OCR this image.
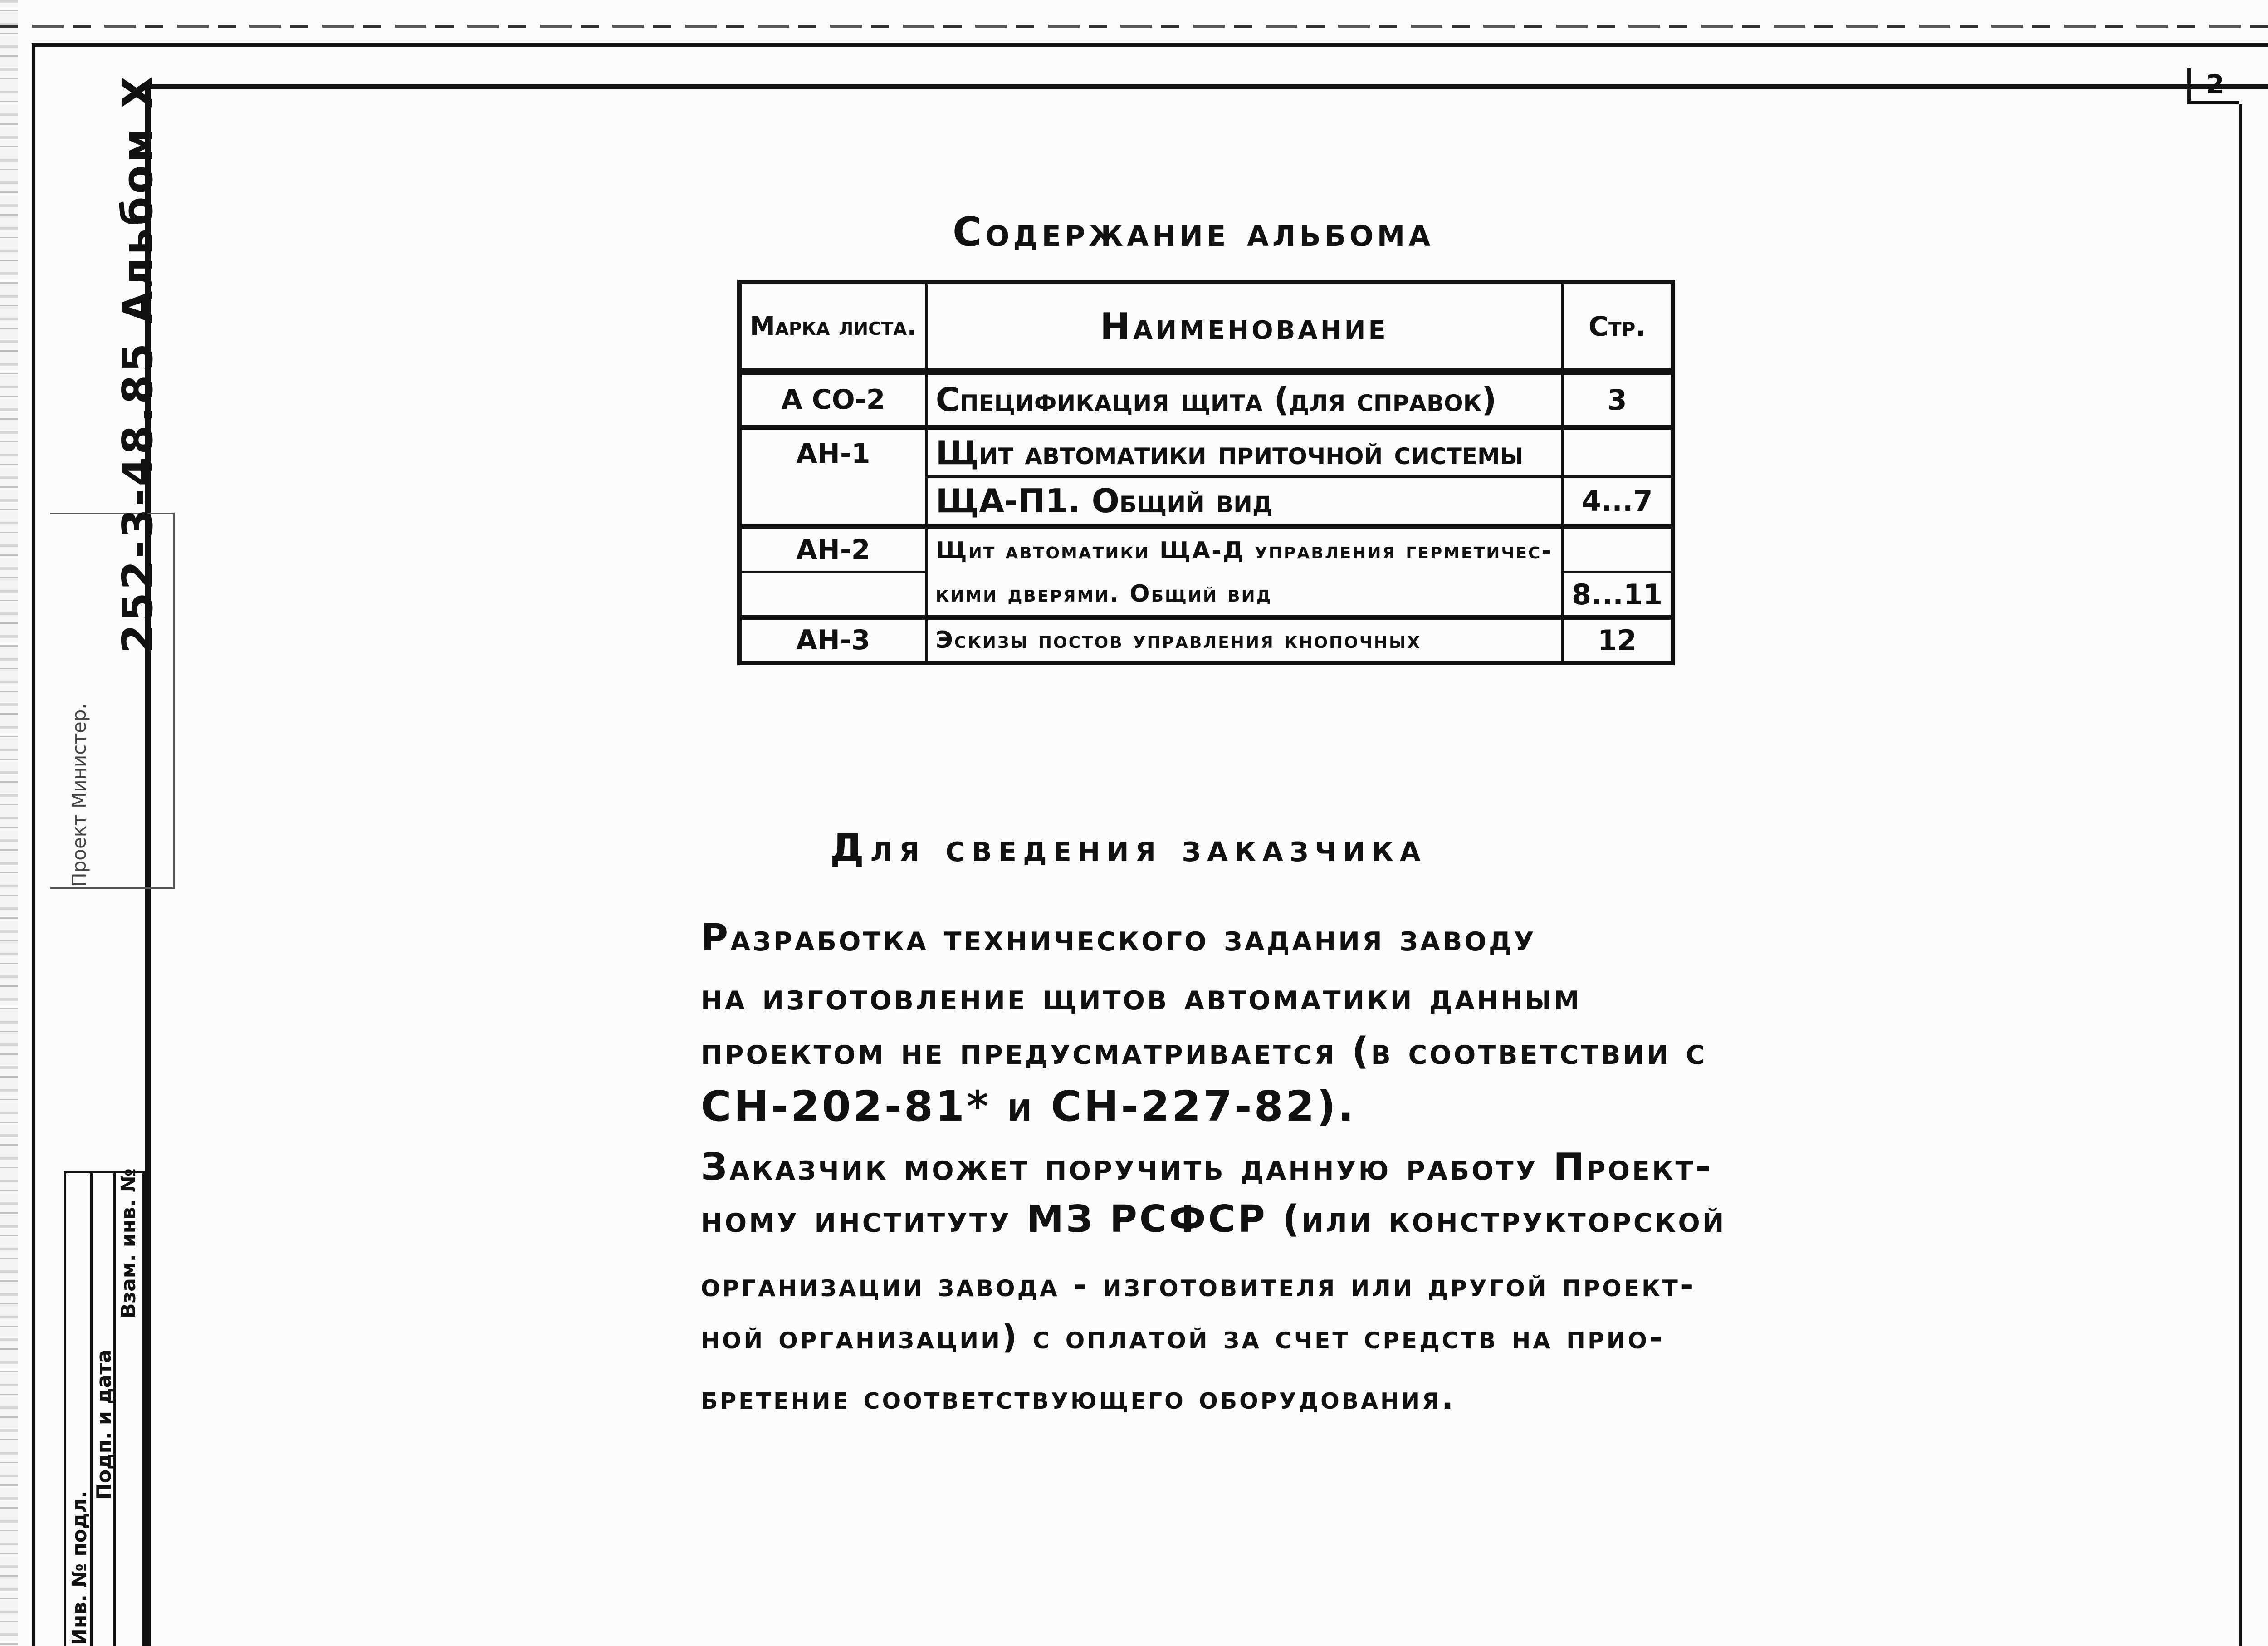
2
252-3-48.85 Альбом X
Проект Министер.
Инв. № подл.
Подп. и дата
Взам. инв. №
Содержание альбома
Марка листа.	Наименование	Стр.
А СО-2	Спецификация щита (для справок)	3
АН-1	Щит автоматики приточной системы	
	ЩА-П1. Общий вид	4...7
АН-2	Щит автоматики ЩА-Д управления герметичес-	
	кими дверями. Общий вид	8...11
АН-3	Эскизы постов управления кнопочных	12
Для сведения заказчика
Разработка технического задания заводу
на изготовление щитов автоматики данным
проектом не предусматривается (в соответствии с
СН-202-81* и СН-227-82).
Заказчик может поручить данную работу Проект-
ному институту МЗ РСФСР (или конструкторской
организации завода - изготовителя или другой проект-
ной организации) с оплатой за счет средств на прио-
бретение соответствующего оборудования.
